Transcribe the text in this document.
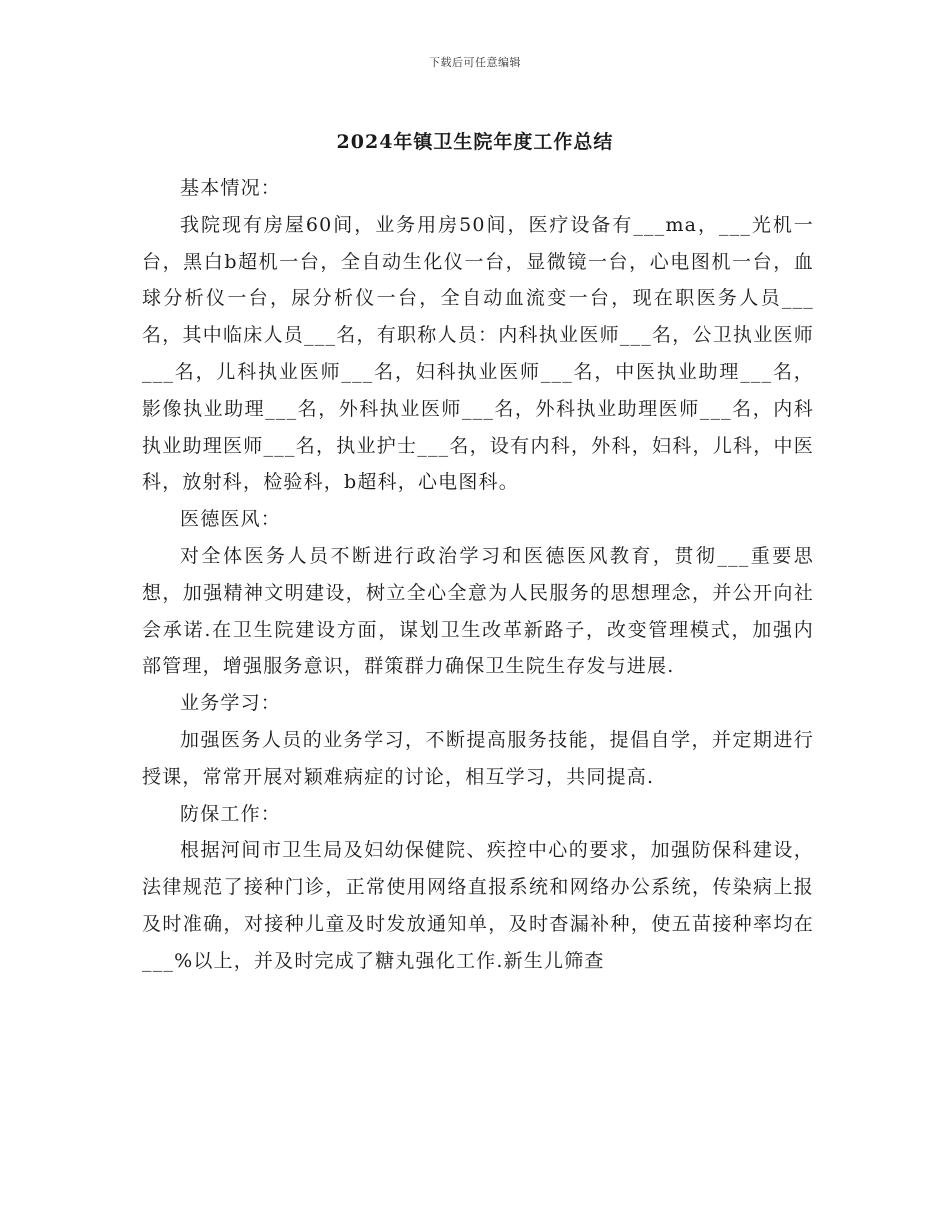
下载后可任意编辑
2024年镇卫生院年度工作总结

基本情况：

我院现有房屋60间，业务用房50间，医疗设备有___ma，___光机一台，黑白b超机一台，全自动生化仪一台，显微镜一台，心电图机一台，血球分析仪一台，尿分析仪一台，全自动血流变一台，现在职医务人员___名，其中临床人员___名，有职称人员：内科执业医师___名，公卫执业医师___名，儿科执业医师___名，妇科执业医师___名，中医执业助理___名，影像执业助理___名，外科执业医师___名，外科执业助理医师___名，内科执业助理医师___名，执业护士___名，设有内科，外科，妇科，儿科，中医科，放射科，检验科，b超科，心电图科。

医德医风：

对全体医务人员不断进行政治学习和医德医风教育，贯彻___重要思想，加强精神文明建设，树立全心全意为人民服务的思想理念，并公开向社会承诺.在卫生院建设方面，谋划卫生改革新路子，改变管理模式，加强内部管理，增强服务意识，群策群力确保卫生院生存发与进展.

业务学习：

加强医务人员的业务学习，不断提高服务技能，提倡自学，并定期进行授课，常常开展对颖难病症的讨论，相互学习，共同提高.

防保工作：

根据河间市卫生局及妇幼保健院、疾控中心的要求，加强防保科建设，法律规范了接种门诊，正常使用网络直报系统和网络办公系统，传染病上报及时准确，对接种儿童及时发放通知单，及时杳漏补种，使五苗接种率均在___%以上，并及时完成了糖丸强化工作.新生儿筛查
